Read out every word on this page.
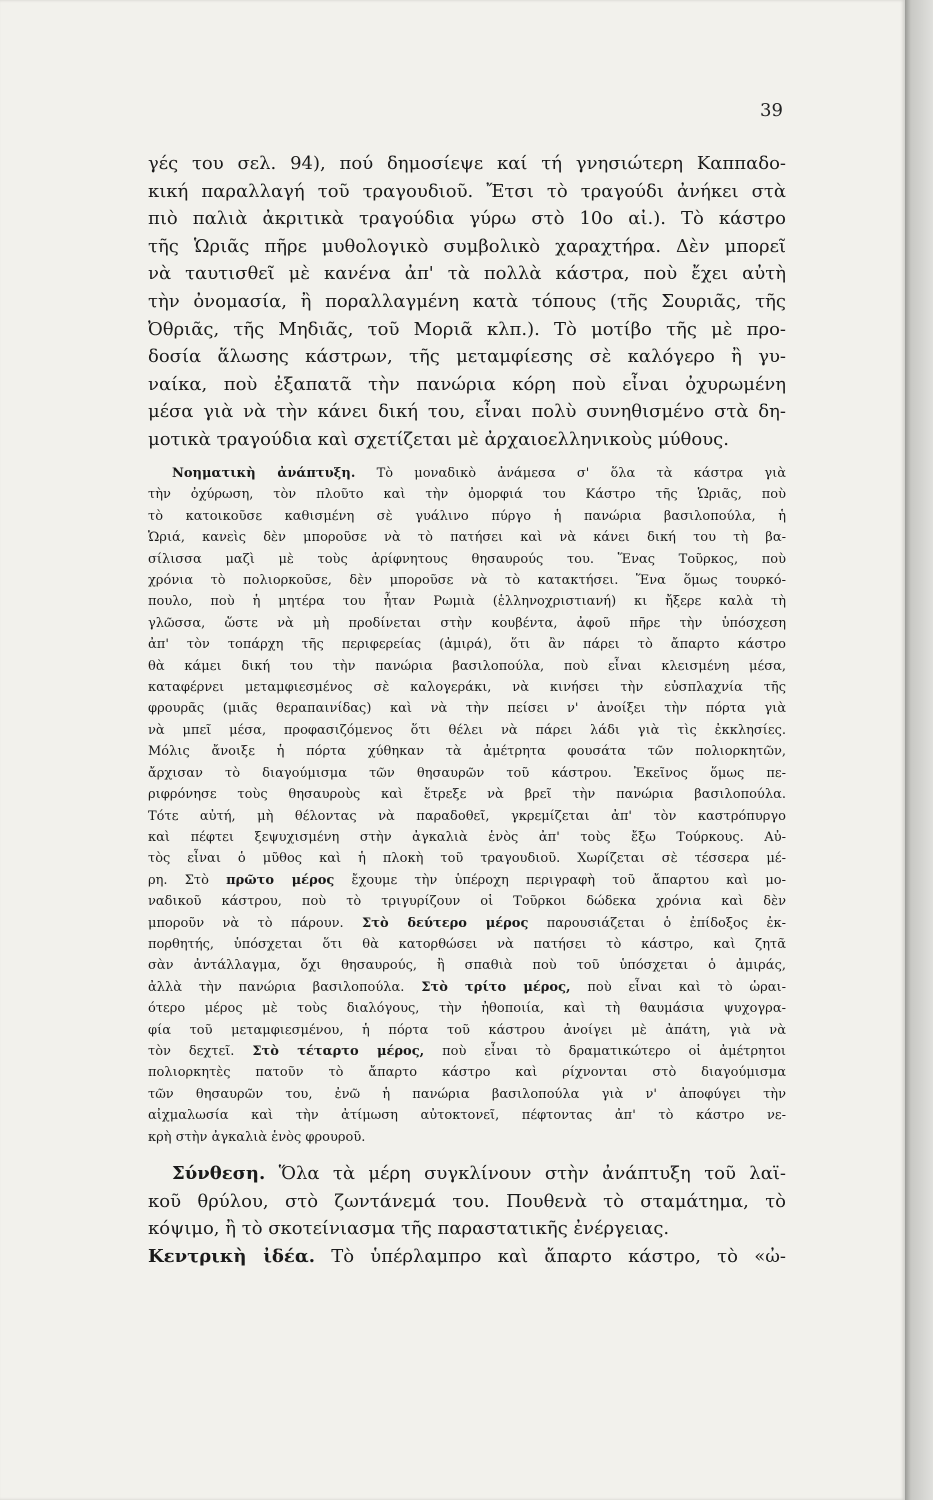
39
γές του σελ. 94), πού δημοσίεψε καί τή γνησιώτερη Καππαδο-
κική παραλλαγή τοῦ τραγουδιοῦ. Ἔτσι τὸ τραγούδι ἀνήκει στὰ
πιὸ παλιὰ ἀκριτικὰ τραγούδια γύρω στὸ 10ο αἰ.). Τὸ κάστρο
τῆς Ὡριᾶς πῆρε μυθολογικὸ συμβολικὸ χαραχτήρα. Δὲν μπορεῖ
νὰ ταυτισθεῖ μὲ κανένα ἀπ' τὰ πολλὰ κάστρα, ποὺ ἔχει αὐτὴ
τὴν ὀνομασία, ἢ ποραλλαγμένη κατὰ τόπους (τῆς Σουριᾶς, τῆς
Ὀθριᾶς, τῆς Μηδιᾶς, τοῦ Μοριᾶ κλπ.). Τὸ μοτίβο τῆς μὲ προ-
δοσία ἅλωσης κάστρων, τῆς μεταμφίεσης σὲ καλόγερο ἢ γυ-
ναίκα, ποὺ ἐξαπατᾶ τὴν πανώρια κόρη ποὺ εἶναι ὀχυρωμένη
μέσα γιὰ νὰ τὴν κάνει δική του, εἶναι πολὺ συνηθισμένο στὰ δη-
μοτικὰ τραγούδια καὶ σχετίζεται μὲ ἀρχαιοελληνικοὺς μύθους.
Νοηματικὴ ἀνάπτυξη. Τὸ μοναδικὸ ἀνάμεσα σ' ὅλα τὰ κάστρα γιὰ
τὴν ὀχύρωση, τὸν πλοῦτο καὶ τὴν ὀμορφιά του Κάστρο τῆς Ὡριᾶς, ποὺ
τὸ κατοικοῦσε καθισμένη σὲ γυάλινο πύργο ἡ πανώρια βασιλοπούλα, ἡ
Ὡριά, κανεὶς δὲν μποροῦσε νὰ τὸ πατήσει καὶ νὰ κάνει δική του τὴ βα-
σίλισσα μαζὶ μὲ τοὺς ἀρίφνητους θησαυρούς του. Ἕνας Τοῦρκος, ποὺ
χρόνια τὸ πολιορκοῦσε, δὲν μποροῦσε νὰ τὸ κατακτήσει. Ἕνα ὅμως τουρκό-
πουλο, ποὺ ἡ μητέρα του ἦταν Ρωμιὰ (ἑλληνοχριστιανή) κι ἤξερε καλὰ τὴ
γλῶσσα, ὥστε νὰ μὴ προδίνεται στὴν κουβέντα, ἀφοῦ πῆρε τὴν ὑπόσχεση
ἀπ' τὸν τοπάρχη τῆς περιφερείας (ἀμιρά), ὅτι ἂν πάρει τὸ ἄπαρτο κάστρο
θὰ κάμει δική του τὴν πανώρια βασιλοπούλα, ποὺ εἶναι κλεισμένη μέσα,
καταφέρνει μεταμφιεσμένος σὲ καλογεράκι, νὰ κινήσει τὴν εὐσπλαχνία τῆς
φρουρᾶς (μιᾶς θεραπαινίδας) καὶ νὰ τὴν πείσει ν' ἀνοίξει τὴν πόρτα γιὰ
νὰ μπεῖ μέσα, προφασιζόμενος ὅτι θέλει νὰ πάρει λάδι γιὰ τὶς ἐκκλησίες.
Μόλις ἄνοιξε ἡ πόρτα χύθηκαν τὰ ἀμέτρητα φουσάτα τῶν πολιορκητῶν,
ἄρχισαν τὸ διαγούμισμα τῶν θησαυρῶν τοῦ κάστρου. Ἐκεῖνος ὅμως πε-
ριφρόνησε τοὺς θησαυροὺς καὶ ἔτρεξε νὰ βρεῖ τὴν πανώρια βασιλοπούλα.
Τότε αὐτή, μὴ θέλοντας νὰ παραδοθεῖ, γκρεμίζεται ἀπ' τὸν καστρόπυργο
καὶ πέφτει ξεψυχισμένη στὴν ἀγκαλιὰ ἑνὸς ἀπ' τοὺς ἔξω Τούρκους. Αὐ-
τὸς εἶναι ὁ μῦθος καὶ ἡ πλοκὴ τοῦ τραγουδιοῦ. Χωρίζεται σὲ τέσσερα μέ-
ρη. Στὸ πρῶτο μέρος ἔχουμε τὴν ὑπέροχη περιγραφὴ τοῦ ἄπαρτου καὶ μο-
ναδικοῦ κάστρου, ποὺ τὸ τριγυρίζουν οἱ Τοῦρκοι δώδεκα χρόνια καὶ δὲν
μποροῦν νὰ τὸ πάρουν. Στὸ δεύτερο μέρος παρουσιάζεται ὁ ἐπίδοξος ἐκ-
πορθητής, ὑπόσχεται ὅτι θὰ κατορθώσει νὰ πατήσει τὸ κάστρο, καὶ ζητᾶ
σὰν ἀντάλλαγμα, ὄχι θησαυρούς, ἢ σπαθιὰ ποὺ τοῦ ὑπόσχεται ὁ ἀμιράς,
ἀλλὰ τὴν πανώρια βασιλοπούλα. Στὸ τρίτο μέρος, ποὺ εἶναι καὶ τὸ ὡραι-
ότερο μέρος μὲ τοὺς διαλόγους, τὴν ἠθοποιία, καὶ τὴ θαυμάσια ψυχογρα-
φία τοῦ μεταμφιεσμένου, ἡ πόρτα τοῦ κάστρου ἀνοίγει μὲ ἀπάτη, γιὰ νὰ
τὸν δεχτεῖ. Στὸ τέταρτο μέρος, ποὺ εἶναι τὸ δραματικώτερο οἱ ἀμέτρητοι
πολιορκητὲς πατοῦν τὸ ἄπαρτο κάστρο καὶ ρίχνονται στὸ διαγούμισμα
τῶν θησαυρῶν του, ἐνῶ ἡ πανώρια βασιλοπούλα γιὰ ν' ἀποφύγει τὴν
αἰχμαλωσία καὶ τὴν ἀτίμωση αὐτοκτονεῖ, πέφτοντας ἀπ' τὸ κάστρο νε-
κρὴ στὴν ἀγκαλιὰ ἑνὸς φρουροῦ.
Σύνθεση. Ὅλα τὰ μέρη συγκλίνουν στὴν ἀνάπτυξη τοῦ λαϊ-
κοῦ θρύλου, στὸ ζωντάνεμά του. Πουθενὰ τὸ σταμάτημα, τὸ
κόψιμο, ἢ τὸ σκοτείνιασμα τῆς παραστατικῆς ἐνέργειας.
Κεντρικὴ ἰδέα. Τὸ ὑπέρλαμπρο καὶ ἄπαρτο κάστρο, τὸ «ὠ-
